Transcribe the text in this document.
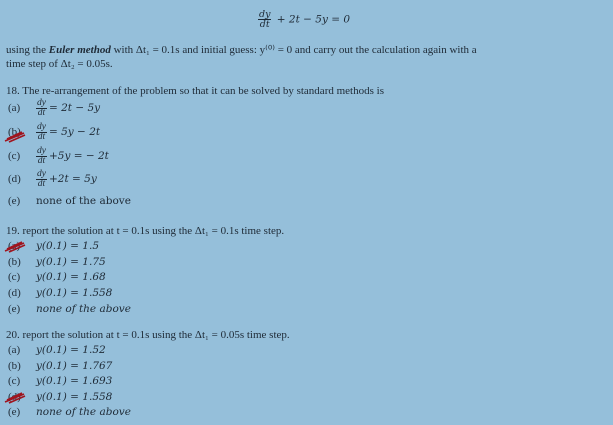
$\frac{dy}{dt} + 2t - 5y = 0$
using the Euler method with Δt₁ = 0.1s and initial guess: y⁽⁰⁾ = 0 and carry out the calculation again with a
time step of Δt₂ = 0.05s.
18. The re-arrangement of the problem so that it can be solved by standard methods is
$(a) \frac{dy}{dt} = 2t - 5y$
$(b) \frac{dy}{dt} = 5y - 2t$
$(c) \frac{dy}{dt} +5y$ = − 2t
$(d) \frac{dy}{dt} +2t = 5y$
(e) none of the above
19. report the solution at t = 0.1s using the Δt₁ = 0.1s time step.
(a) y(0.1) = 1.5
(b) y(0.1) = 1.75
(c) y(0.1) = 1.68
(d) y(0.1) = 1.558
(e) none of the above
20. report the solution at t = 0.1s using the Δt₁ = 0.05s time step.
(a) y(0.1) = 1.52
(b) y(0.1) = 1.767
(c) y(0.1) = 1.693
(d) y(0.1) = 1.558
(e) none of the above
